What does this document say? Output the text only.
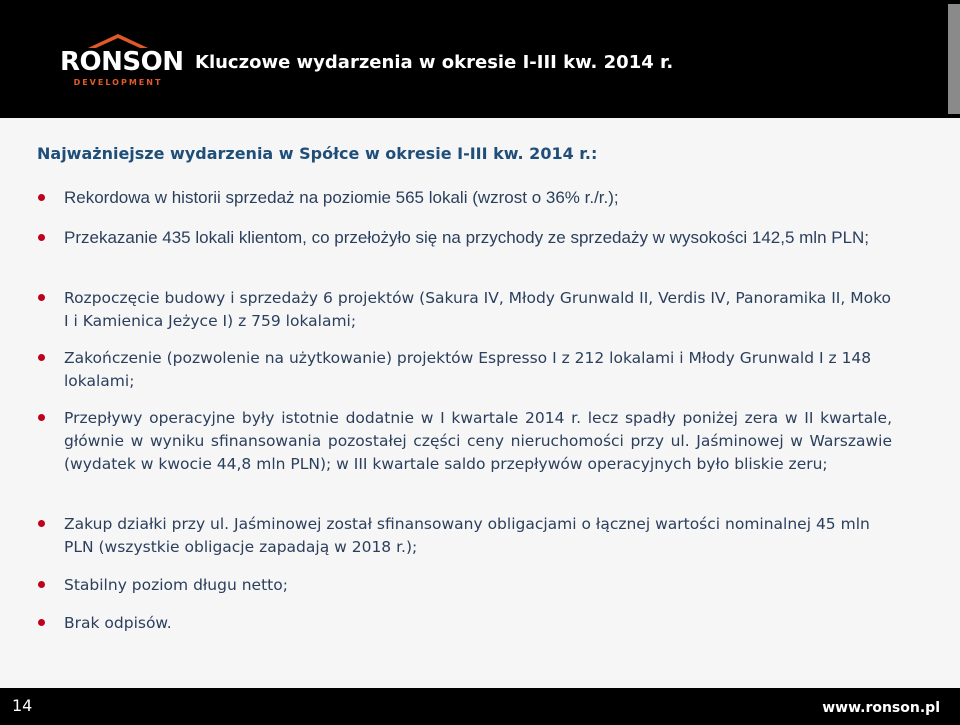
RONSON
DEVELOPMENT
Kluczowe wydarzenia w okresie I-III kw. 2014 r.
Najważniejsze wydarzenia w Spółce w okresie I-III kw. 2014 r.:
Rekordowa w historii sprzedaż na poziomie 565 lokali (wzrost o 36% r./r.);
Przekazanie 435 lokali klientom, co przełożyło się na przychody ze sprzedaży w wysokości 142,5 mln PLN;
Rozpoczęcie budowy i sprzedaży 6 projektów (Sakura IV, Młody Grunwald II, Verdis IV, Panoramika II, Moko I i Kamienica Jeżyce I) z 759 lokalami;
Zakończenie (pozwolenie na użytkowanie) projektów Espresso I z 212 lokalami i Młody Grunwald I z 148 lokalami;
Przepływy operacyjne były istotnie dodatnie w I kwartale 2014 r. lecz spadły poniżej zera w II kwartale, głównie w wyniku sfinansowania pozostałej części ceny nieruchomości przy ul. Jaśminowej w Warszawie (wydatek w kwocie 44,8 mln PLN); w III kwartale saldo przepływów operacyjnych było bliskie zeru;
Zakup działki przy ul. Jaśminowej został sfinansowany obligacjami o łącznej wartości nominalnej 45 mln PLN (wszystkie obligacje zapadają w 2018 r.);
Stabilny poziom długu netto;
Brak odpisów.
14	www.ronson.pl
